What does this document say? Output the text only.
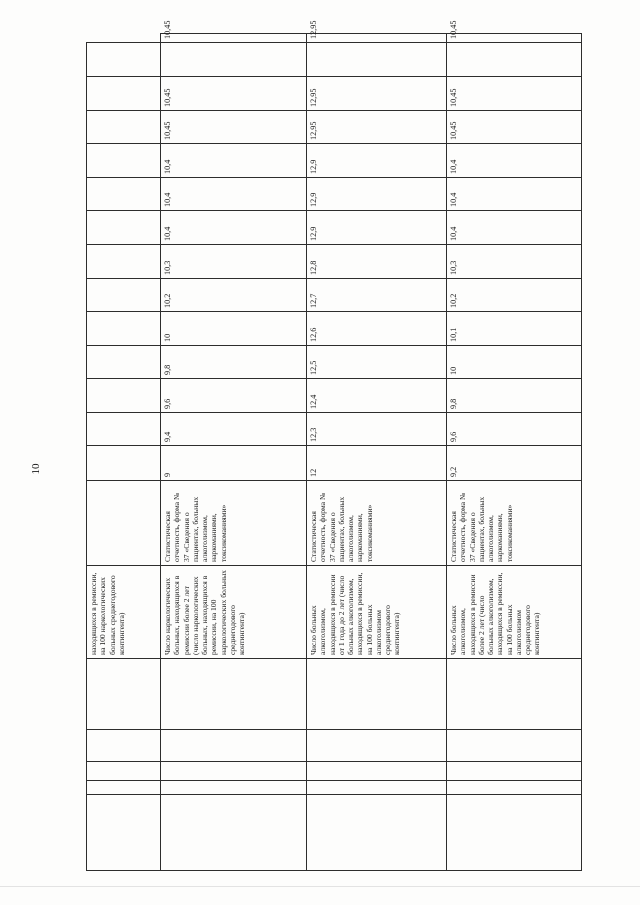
10
					находящихся в ремиссии, на 100 наркологических больных среднегодового контингента)															
					Число наркологических больных, находящихся в ремиссии более 2 лет (число наркологических больных, находящихся в ремиссии, на 100 наркологических больных среднегодового контингента)	Статистическая отчетность, форма № 37 «Сведения о пациентах, больных алкоголизмом, наркоманиями, токсикоманиями»	9	9,4	9,6	9,8	10	10,2	10,3	10,4	10,4	10,4	10,45	10,45		10,45
					Число больных алкоголизмом, находящихся в ремиссии от 1 года до 2 лет (число больных алкоголизмом, находящихся в ремиссии, на 100 больных алкоголизмом среднегодового контингента)	Статистическая отчетность, форма № 37 «Сведения о пациентах, больных алкоголизмом, наркоманиями, токсикоманиями»	12	12,3	12,4	12,5	12,6	12,7	12,8	12,9	12,9	12,9	12,95	12,95		12,95
					Число больных алкоголизмом, находящихся в ремиссии более 2 лет (число больных алкоголизмом, находящихся в ремиссии, на 100 больных алкоголизмом среднегодового контингента)	Статистическая отчетность, форма № 37 «Сведения о пациентах, больных алкоголизмом, наркоманиями, токсикоманиями»	9,2	9,6	9,8	10	10,1	10,2	10,3	10,4	10,4	10,4	10,45	10,45		10,45
